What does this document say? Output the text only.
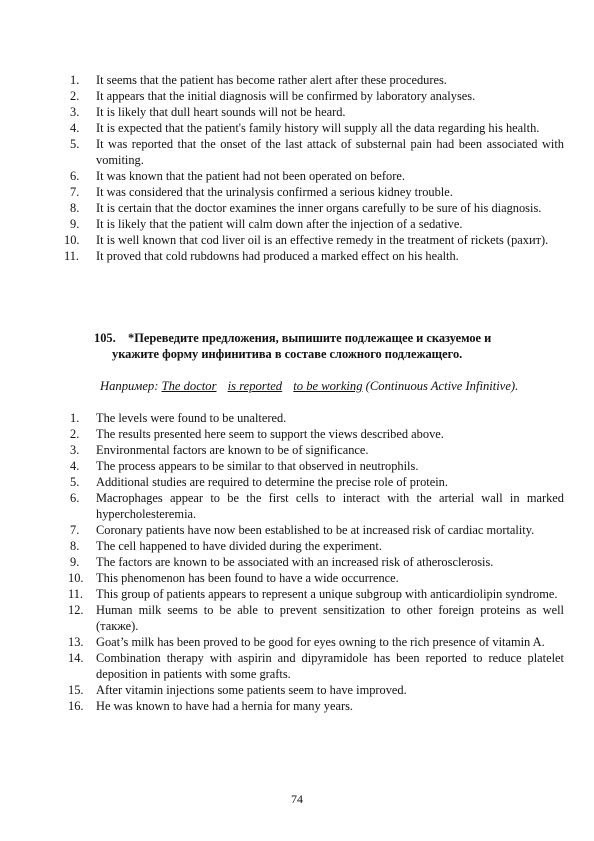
1.	It seems that the patient has become rather alert after these procedures.
2.	It appears that the initial diagnosis will be confirmed by laboratory analyses.
3.	It is likely that dull heart sounds will not be heard.
4.	It is expected that the patient's family history will supply all the data regarding his health.
5.	It was reported that the onset of the last attack of substernal pain had been associated with vomiting.
6.	It was known that the patient had not been operated on before.
7.	It was considered that the urinalysis confirmed a serious kidney trouble.
8.	It is certain that the doctor examines the inner organs carefully to be sure of his diagnosis.
9.	It is likely that the patient will calm down after the injection of a sedative.
10.	It is well known that cod liver oil is an effective remedy in the treatment of rickets (рахит).
11.	It proved that cold rubdowns had produced a marked effect on his health.
105. *Переведите предложения, выпишите подлежащее и сказуемое и
укажите форму инфинитива в составе сложного подлежащего.
Например: The doctor is reported to be working (Continuous Active Infinitive).
1.	The levels were found to be unaltered.
2.	The results presented here seem to support the views described above.
3.	Environmental factors are known to be of significance.
4.	The process appears to be similar to that observed in neutrophils.
5.	Additional studies are required to determine the precise role of protein.
6.	Macrophages appear to be the first cells to interact with the arterial wall in marked hypercholesteremia.
7.	Coronary patients have now been established to be at increased risk of cardiac mortality.
8.	The cell happened to have divided during the experiment.
9.	The factors are known to be associated with an increased risk of atherosclerosis.
10.	This phenomenon has been found to have a wide occurrence.
11.	This group of patients appears to represent a unique subgroup with anticardiolipin syndrome.
12.	Human milk seems to be able to prevent sensitization to other foreign proteins as well (также).
13.	Goat’s milk has been proved to be good for eyes owning to the rich presence of vitamin A.
14.	Combination therapy with aspirin and dipyramidole has been reported to reduce platelet deposition in patients with some grafts.
15.	After vitamin injections some patients seem to have improved.
16.	He was known to have had a hernia for many years.
74
